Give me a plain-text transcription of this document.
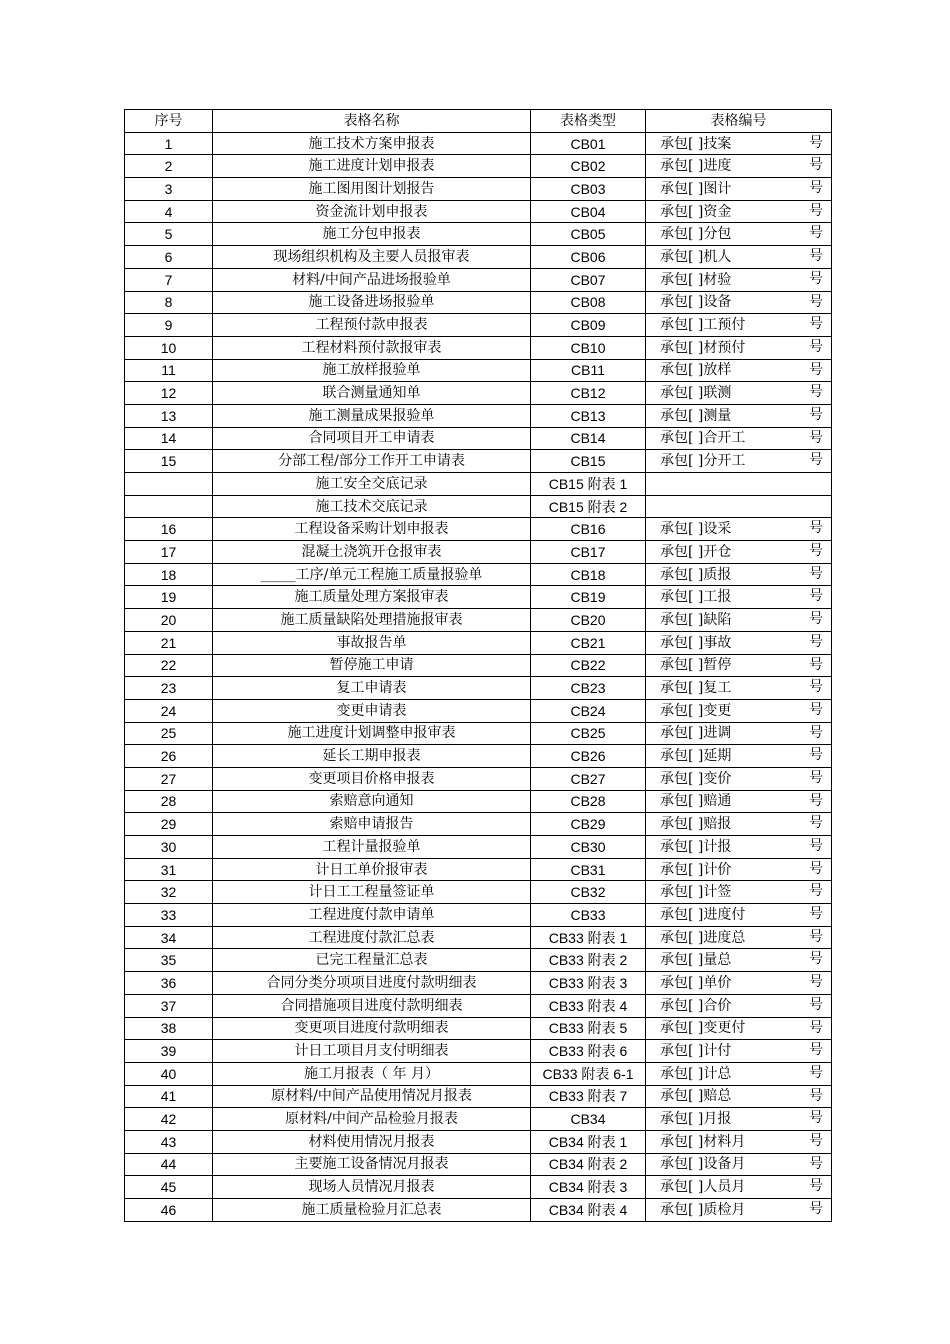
序号	表格名称	表格类型	表格编号
1	施工技术方案申报表	CB01	承包[ ]技案 号

2	施工进度计划申报表	CB02	承包[ ]进度 号

3	施工图用图计划报告	CB03	承包[ ]图计 号

4	资金流计划申报表	CB04	承包[ ]资金 号

5	施工分包申报表	CB05	承包[ ]分包 号

6	现场组织机构及主要人员报审表	CB06	承包[ ]机人 号

7	材料/中间产品进场报验单	CB07	承包[ ]材验 号

8	施工设备进场报验单	CB08	承包[ ]设备 号

9	工程预付款申报表	CB09	承包[ ]工预付 号

10	工程材料预付款报审表	CB10	承包[ ]材预付 号

11	施工放样报验单	CB11	承包[ ]放样 号

12	联合测量通知单	CB12	承包[ ]联测 号

13	施工测量成果报验单	CB13	承包[ ]测量 号

14	合同项目开工申请表	CB14	承包[ ]合开工 号

15	分部工程/部分工作开工申请表	CB15	承包[ ]分开工 号

	施工安全交底记录	CB15 附表 1	

	施工技术交底记录	CB15 附表 2	

16	工程设备采购计划申报表	CB16	承包[ ]设采 号

17	混凝土浇筑开仓报审表	CB17	承包[ ]开仓 号

18	_____工序/单元工程施工质量报验单	CB18	承包[ ]质报 号

19	施工质量处理方案报审表	CB19	承包[ ]工报 号

20	施工质量缺陷处理措施报审表	CB20	承包[ ]缺陷 号

21	事故报告单	CB21	承包[ ]事故 号

22	暂停施工申请	CB22	承包[ ]暂停 号

23	复工申请表	CB23	承包[ ]复工 号

24	变更申请表	CB24	承包[ ]变更 号

25	施工进度计划调整申报审表	CB25	承包[ ]进调 号

26	延长工期申报表	CB26	承包[ ]延期 号

27	变更项目价格申报表	CB27	承包[ ]变价 号

28	索赔意向通知	CB28	承包[ ]赔通 号

29	索赔申请报告	CB29	承包[ ]赔报 号

30	工程计量报验单	CB30	承包[ ]计报 号

31	计日工单价报审表	CB31	承包[ ]计价 号

32	计日工工程量签证单	CB32	承包[ ]计签 号

33	工程进度付款申请单	CB33	承包[ ]进度付 号

34	工程进度付款汇总表	CB33 附表 1	承包[ ]进度总 号

35	已完工程量汇总表	CB33 附表 2	承包[ ]量总 号

36	合同分类分项项目进度付款明细表	CB33 附表 3	承包[ ]单价 号

37	合同措施项目进度付款明细表	CB33 附表 4	承包[ ]合价 号

38	变更项目进度付款明细表	CB33 附表 5	承包[ ]变更付 号

39	计日工项目月支付明细表	CB33 附表 6	承包[ ]计付 号

40	施工月报表（ 年 月）	CB33 附表 6-1	承包[ ]计总 号

41	原材料/中间产品使用情况月报表	CB33 附表 7	承包[ ]赔总 号

42	原材料/中间产品检验月报表	CB34	承包[ ]月报 号

43	材料使用情况月报表	CB34 附表 1	承包[ ]材料月 号

44	主要施工设备情况月报表	CB34 附表 2	承包[ ]设备月 号

45	现场人员情况月报表	CB34 附表 3	承包[ ]人员月 号

46	施工质量检验月汇总表	CB34 附表 4	承包[ ]质检月 号
